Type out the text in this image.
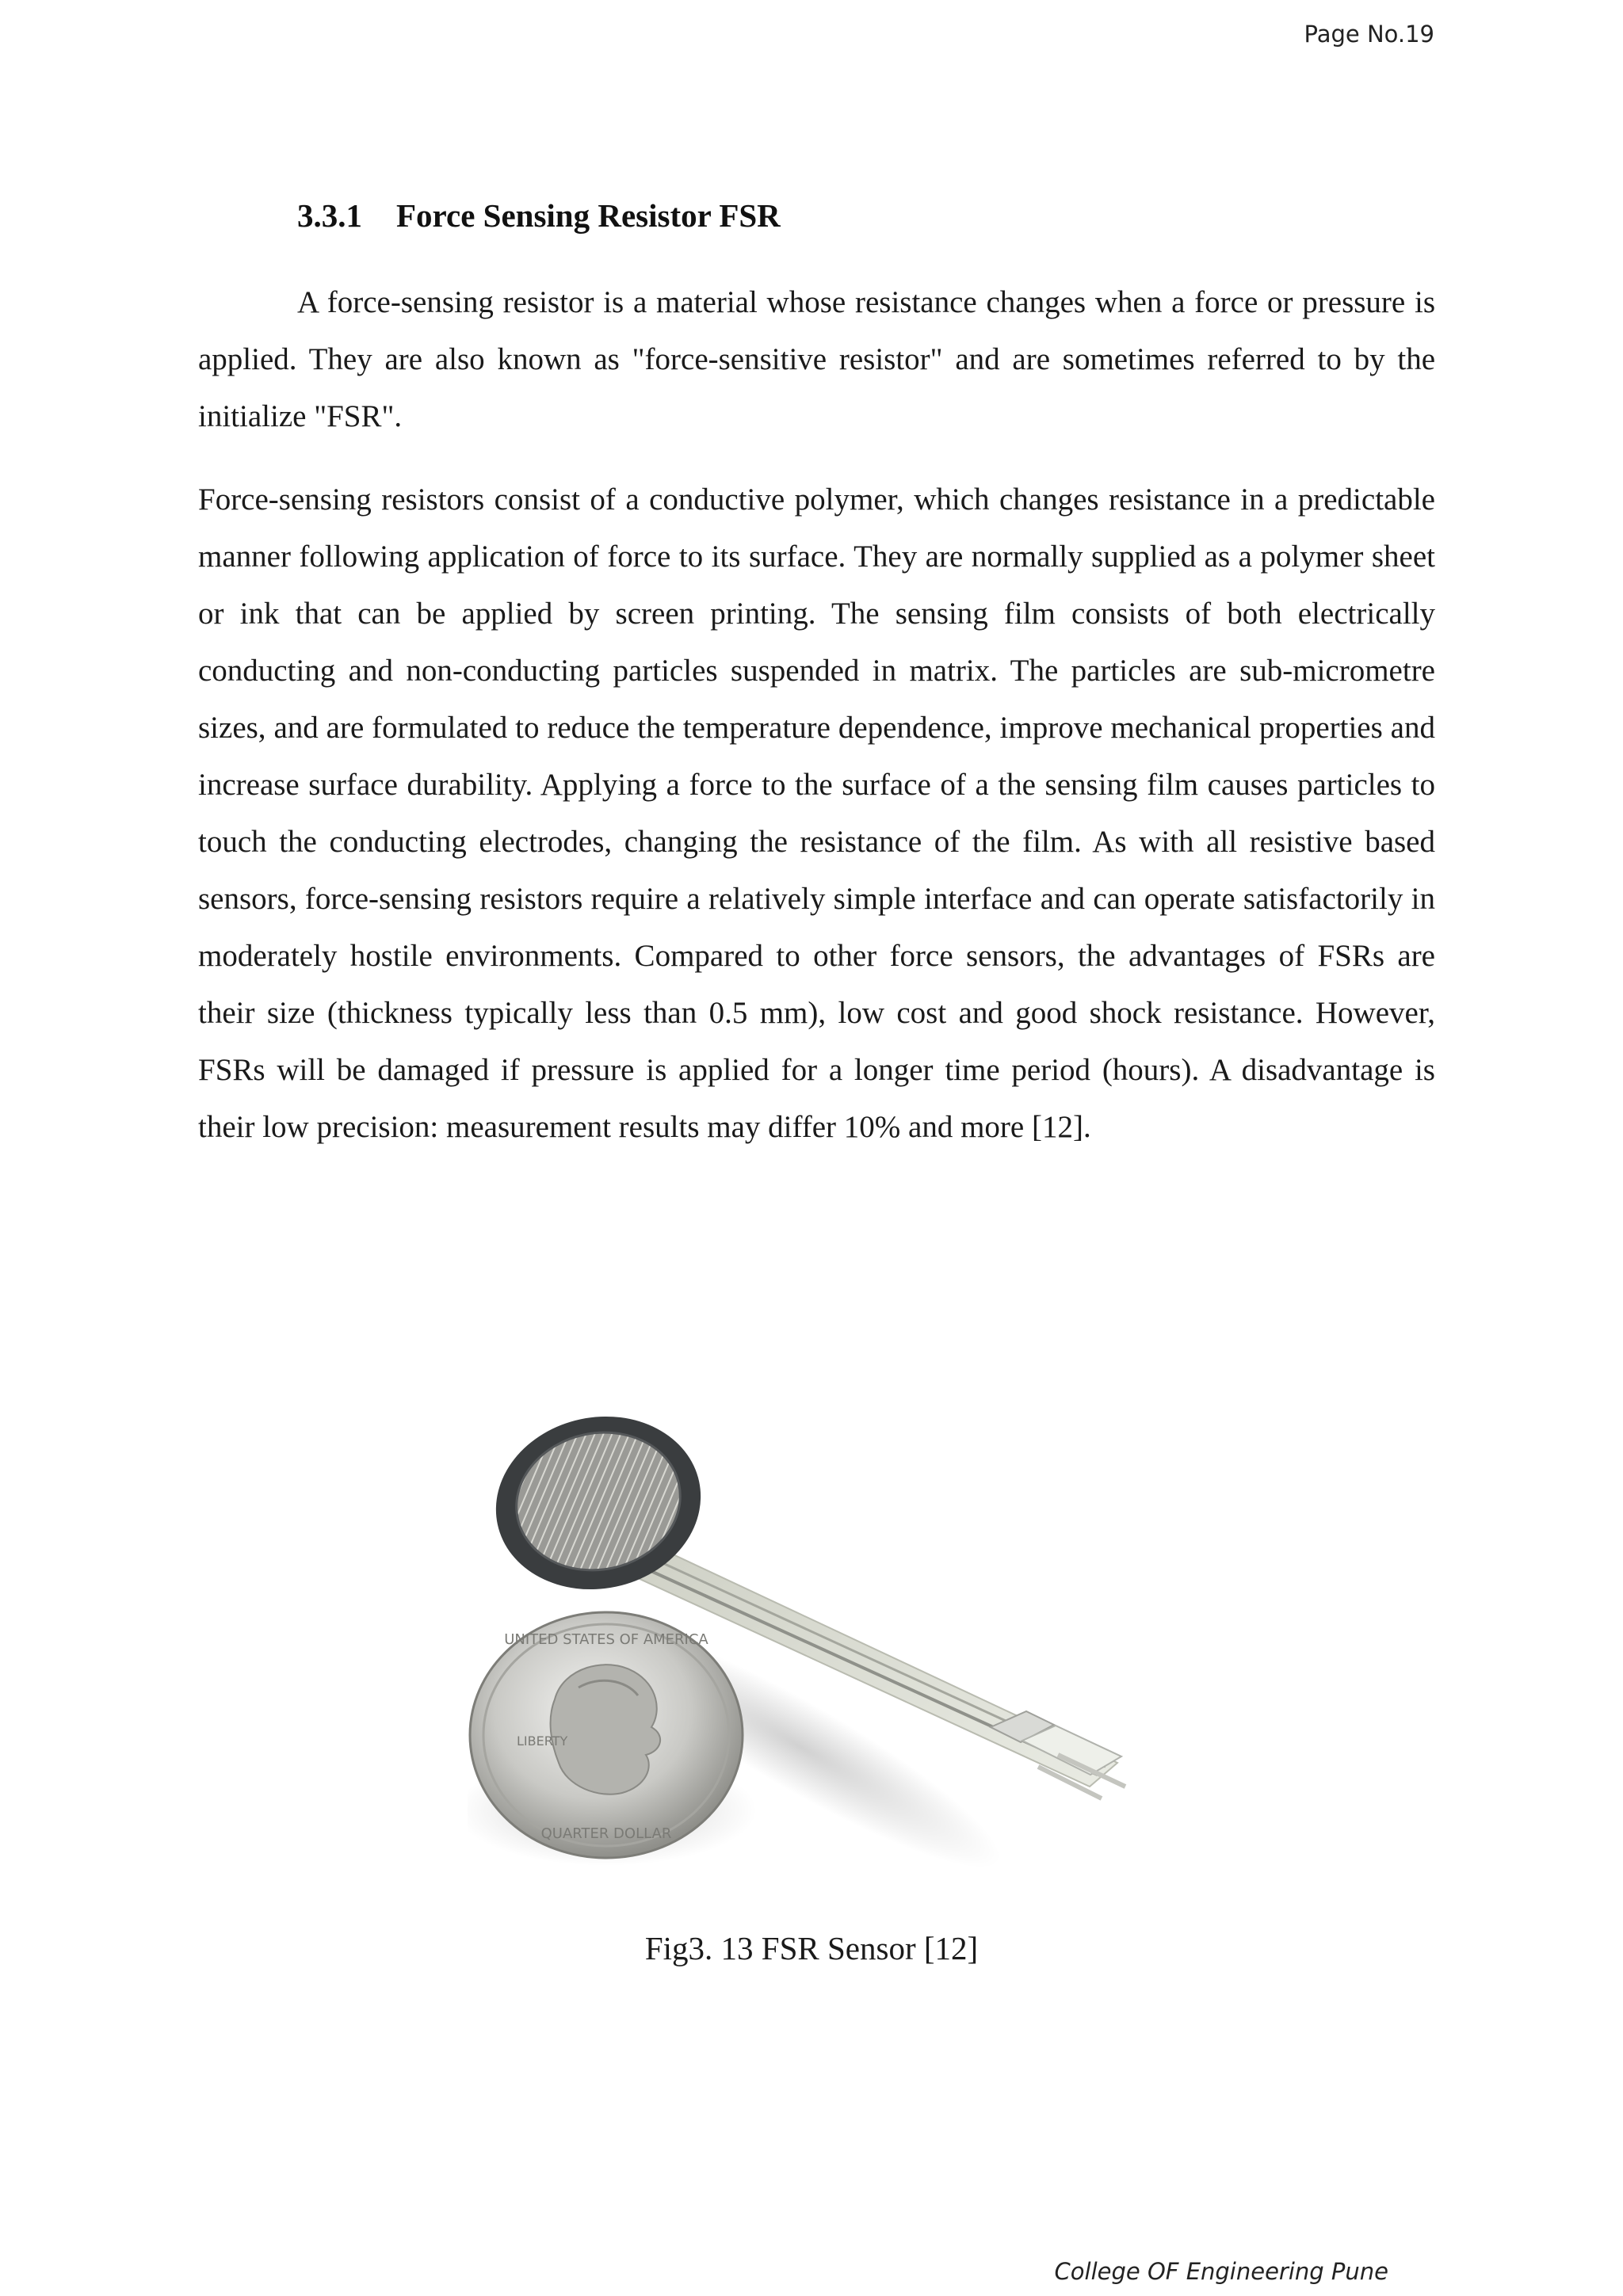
Page No.19
3.3.1 Force Sensing Resistor FSR

A force-sensing resistor is a material whose resistance changes when a force or pressure is applied. They are also known as "force-sensitive resistor" and are sometimes referred to by the initialize "FSR".

Force-sensing resistors consist of a conductive polymer, which changes resistance in a predictable manner following application of force to its surface. They are normally supplied as a polymer sheet or ink that can be applied by screen printing. The sensing film consists of both electrically conducting and non-conducting particles suspended in matrix. The particles are sub-micrometre sizes, and are formulated to reduce the temperature dependence, improve mechanical properties and increase surface durability. Applying a force to the surface of a the sensing film causes particles to touch the conducting electrodes, changing the resistance of the film. As with all resistive based sensors, force-sensing resistors require a relatively simple interface and can operate satisfactorily in moderately hostile environments. Compared to other force sensors, the advantages of FSRs are their size (thickness typically less than 0.5 mm), low cost and good shock resistance. However, FSRs will be damaged if pressure is applied for a longer time period (hours). A disadvantage is their low precision: measurement results may differ 10% and more [12].

UNITED STATES OF AMERICA
LIBERTY
QUARTER DOLLAR
Fig3. 13 FSR Sensor [12]
College OF Engineering Pune
